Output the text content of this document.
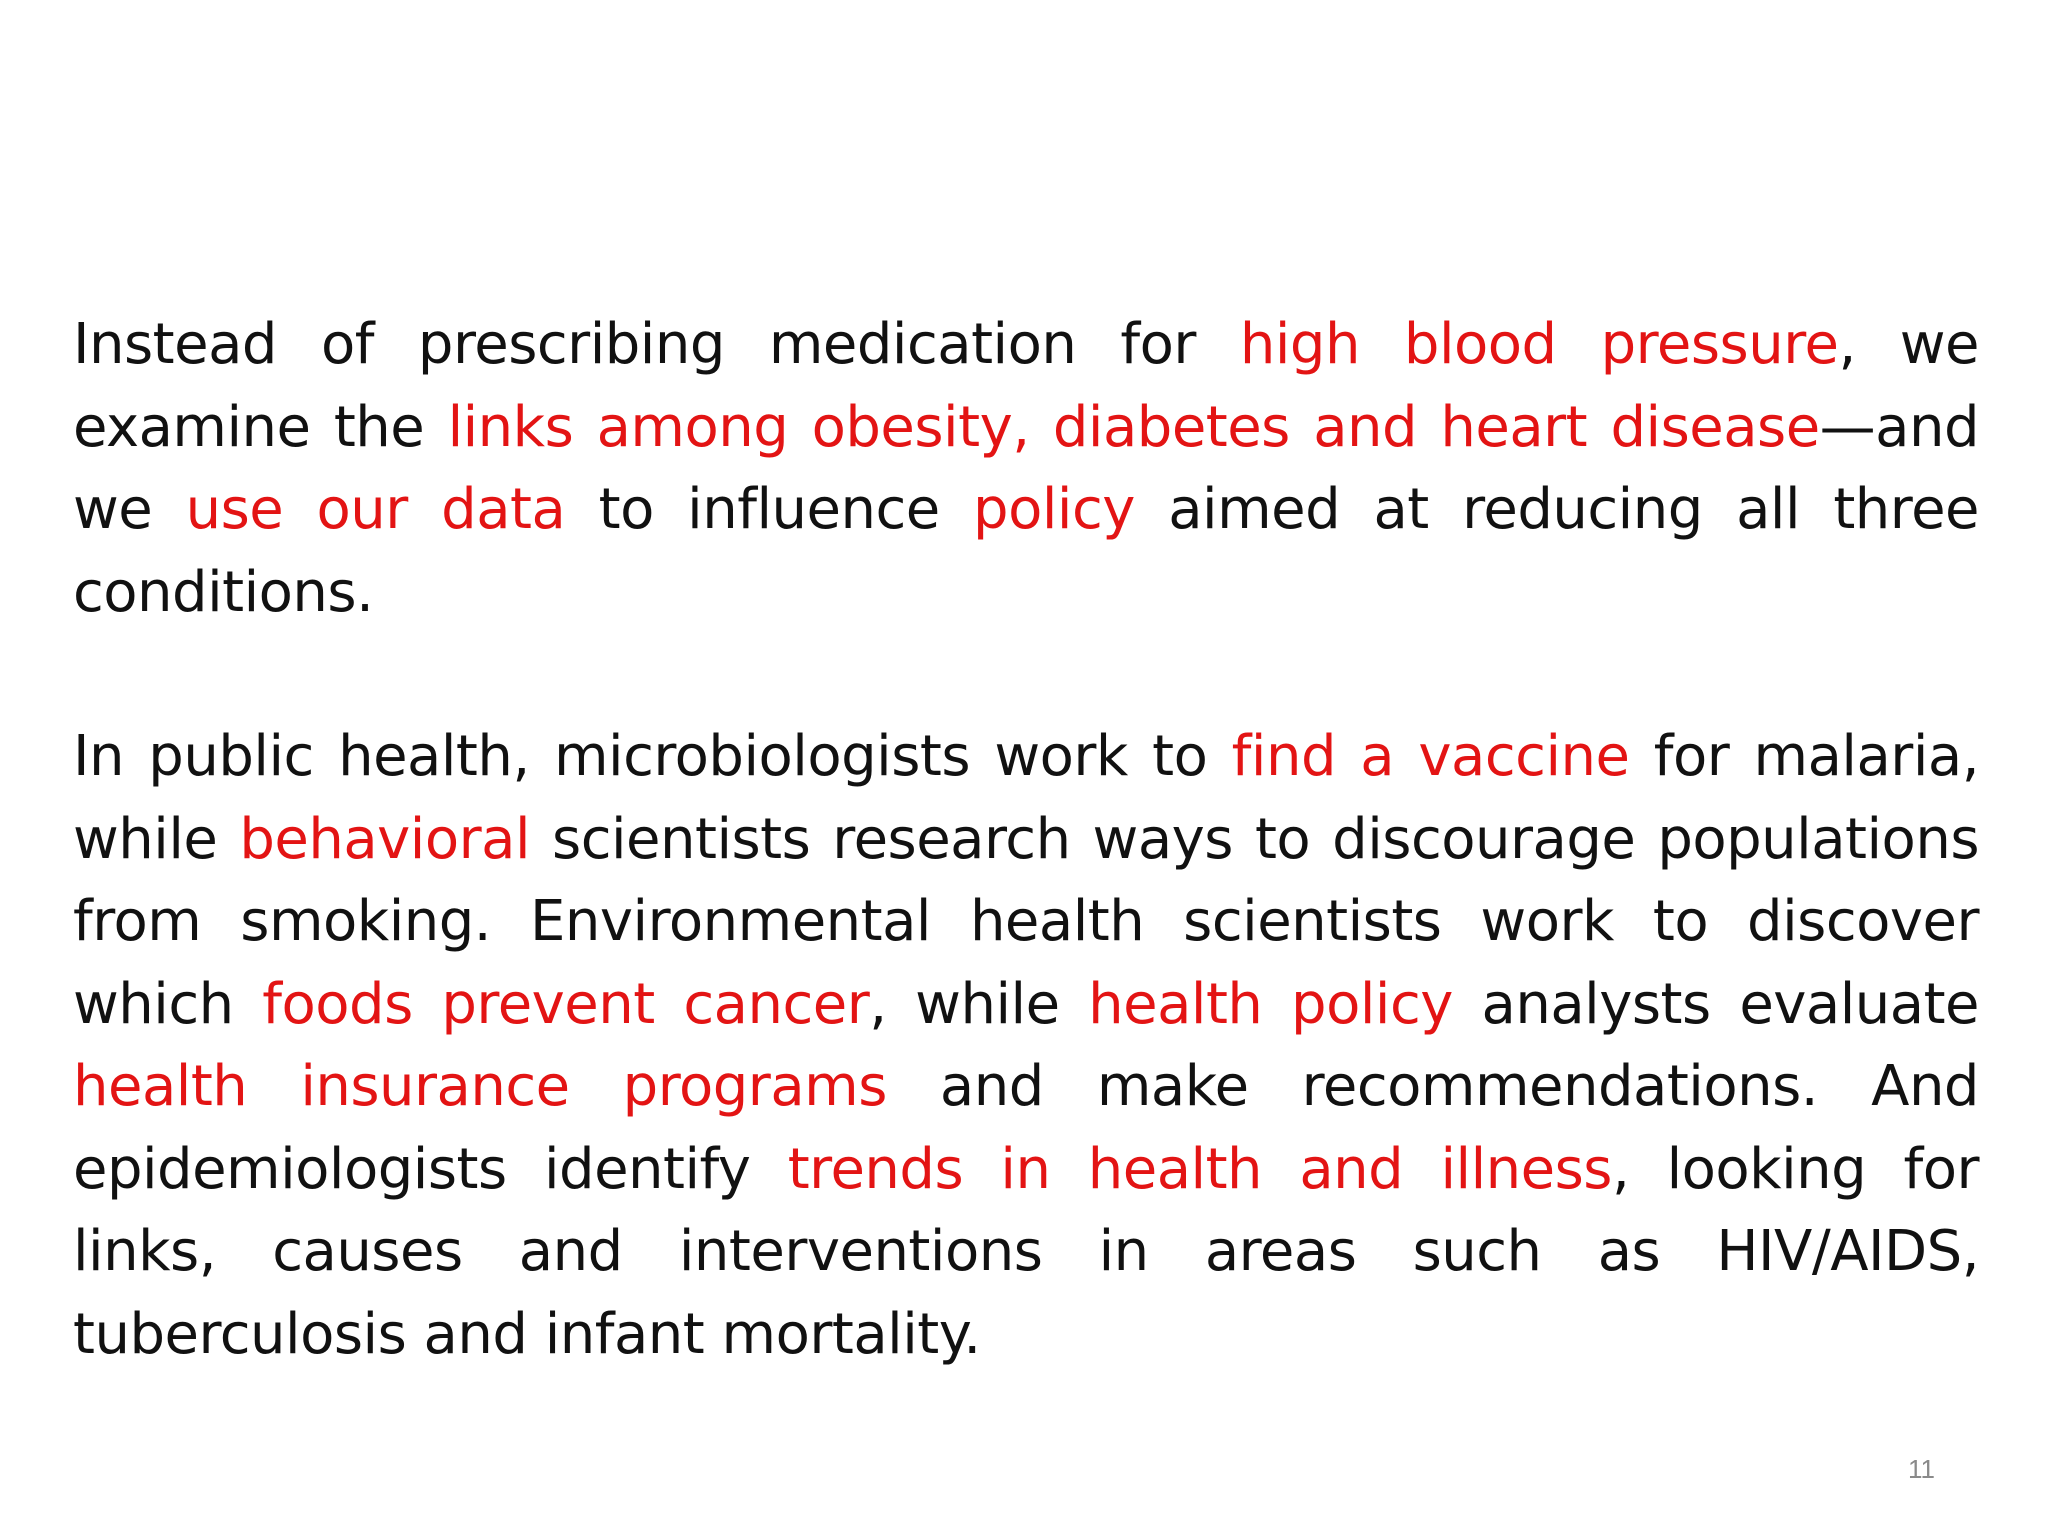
Instead of prescribing medication for high blood pressure, we examine the links among obesity, diabetes and heart disease—and we use our data to influence policy aimed at reducing all three conditions.

In public health, microbiologists work to find a vaccine for malaria, while behavioral scientists research ways to discourage populations from smoking. Environmental health scientists work to discover which foods prevent cancer, while health policy analysts evaluate health insurance programs and make recommendations. And epidemiologists identify trends in health and illness, looking for links, causes and interventions in areas such as HIV/AIDS, tuberculosis and infant mortality.

11
